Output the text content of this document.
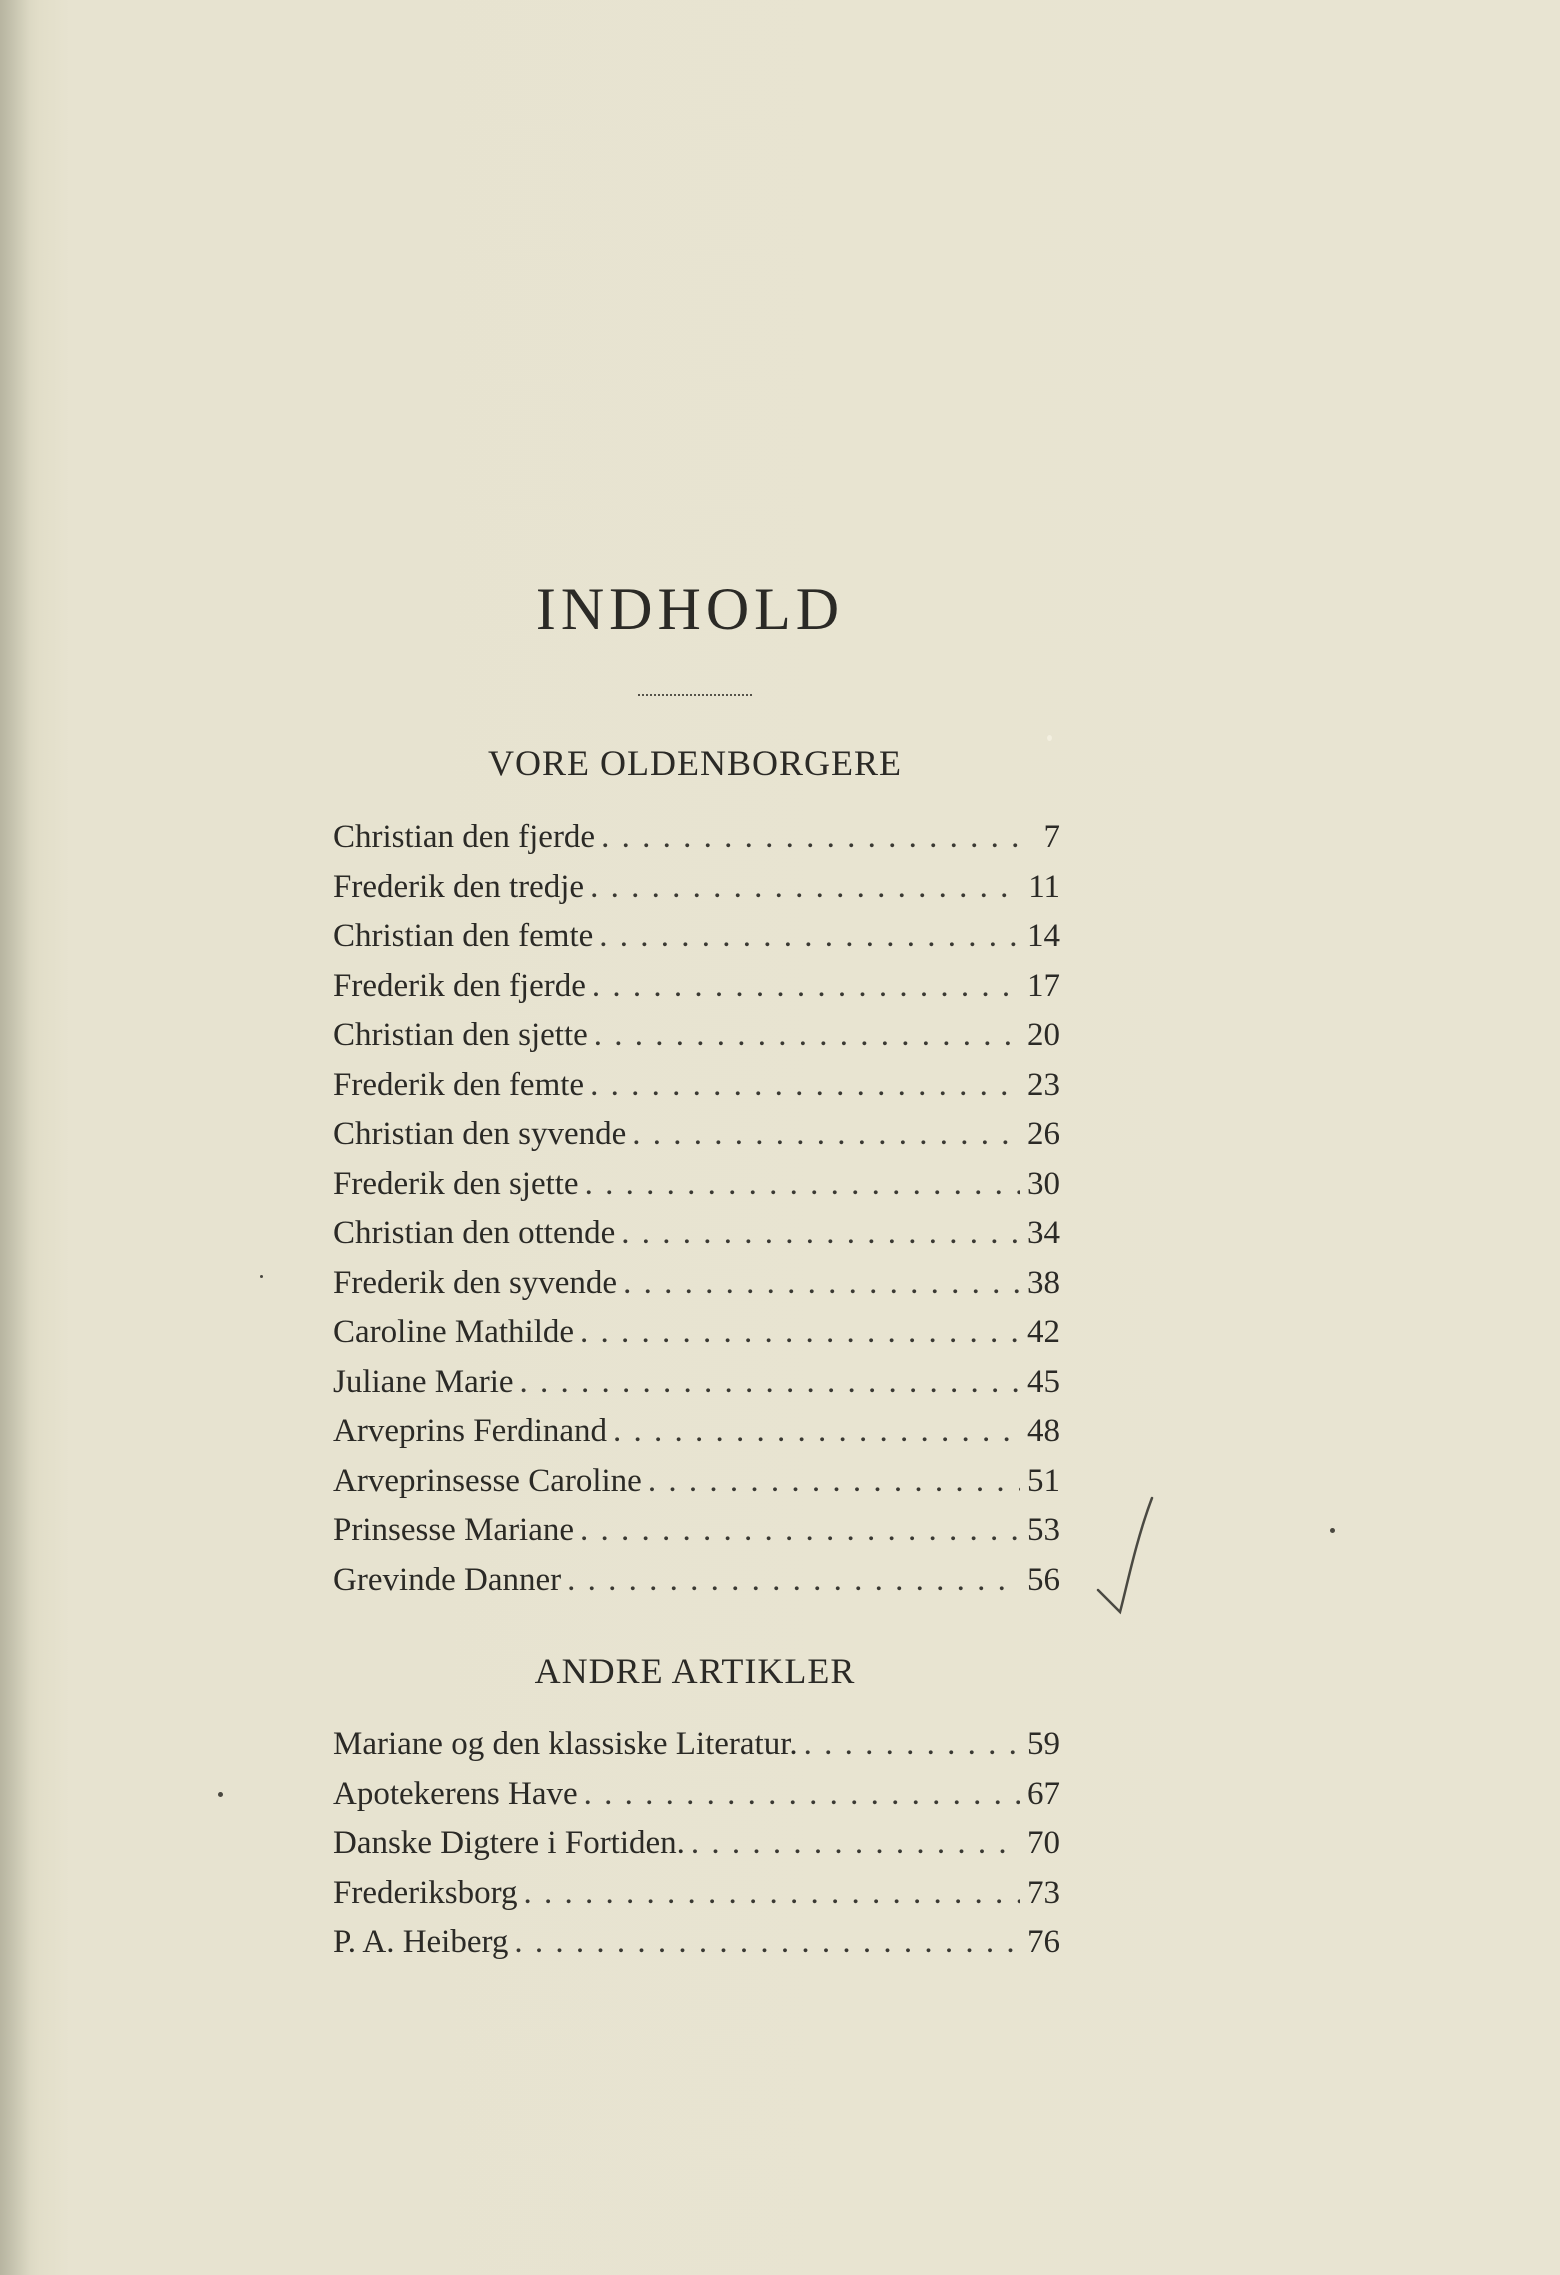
INDHOLD
VORE OLDENBORGERE
Christian den fjerde . . .	7
Frederik den tredje . . .	11
Christian den femte . . .	14
Frederik den fjerde . . .	17
Christian den sjette . . .	20
Frederik den femte . . .	23
Christian den syvende . . .	26
Frederik den sjette . . .	30
Christian den ottende . . .	34
Frederik den syvende . . .	38
Caroline Mathilde . . .	42
Juliane Marie . . .	45
Arveprins Ferdinand . . .	48
Arveprinsesse Caroline . . .	51
Prinsesse Mariane . . .	53
Grevinde Danner . . .	56
ANDRE ARTIKLER
Mariane og den klassiske Literatur. . . .	59
Apotekerens Have . . .	67
Danske Digtere i Fortiden. . . .	70
Frederiksborg . . .	73
P. A. Heiberg . . .	76
